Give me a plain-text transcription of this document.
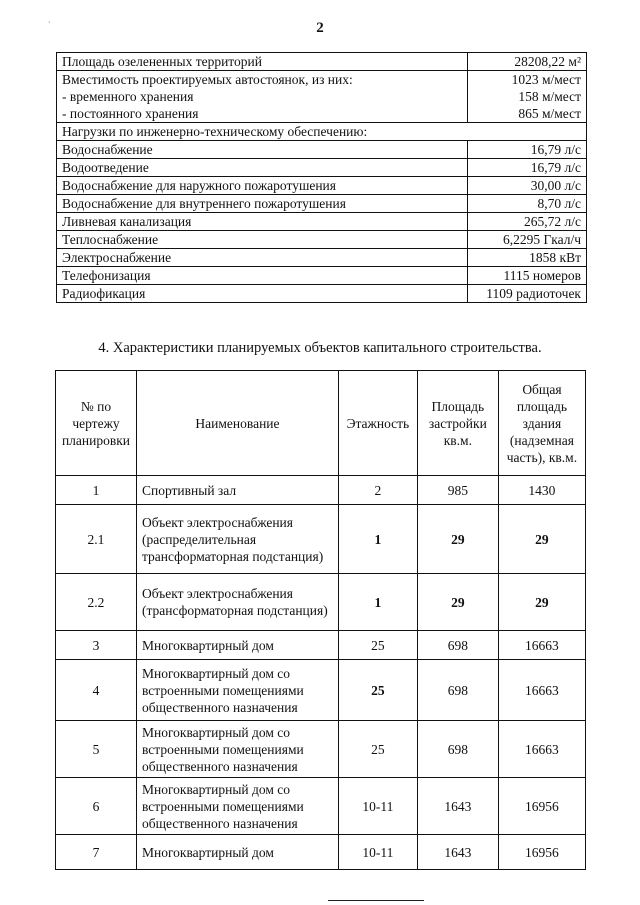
·	2
Площадь озелененных территорий	28208,22 м²
Вместимость проектируемых автостоянок, из них:	1023 м/мест
- временного хранения	158 м/мест
- постоянного хранения	865 м/мест
Нагрузки по инженерно-техническому обеспечению:	
Водоснабжение	16,79 л/с
Водоотведение	16,79 л/с
Водоснабжение для наружного пожаротушения	30,00 л/с
Водоснабжение для внутреннего пожаротушения	8,70 л/с
Ливневая канализация	265,72 л/с
Теплоснабжение	6,2295 Гкал/ч
Электроснабжение	1858 кВт
Телефонизация	1115 номеров
Радиофикация	1109 радиоточек
4. Характеристики планируемых объектов капитального строительства.
№ по чертежу планировки	Наименование	Этажность	Площадь застройки кв.м.	Общая площадь здания (надземная часть), кв.м.
1	Спортивный зал	2	985	1430
2.1	Объект электроснабжения (распределительная трансформаторная подстанция)	1	29	29
2.2	Объект электроснабжения (трансформаторная подстанция)	1	29	29
3	Многоквартирный дом	25	698	16663
4	Многоквартирный дом со встроенными помещениями общественного назначения	25	698	16663
5	Многоквартирный дом со встроенными помещениями общественного назначения	25	698	16663
6	Многоквартирный дом со встроенными помещениями общественного назначения	10-11	1643	16956
7	Многоквартирный дом	10-11	1643	16956
